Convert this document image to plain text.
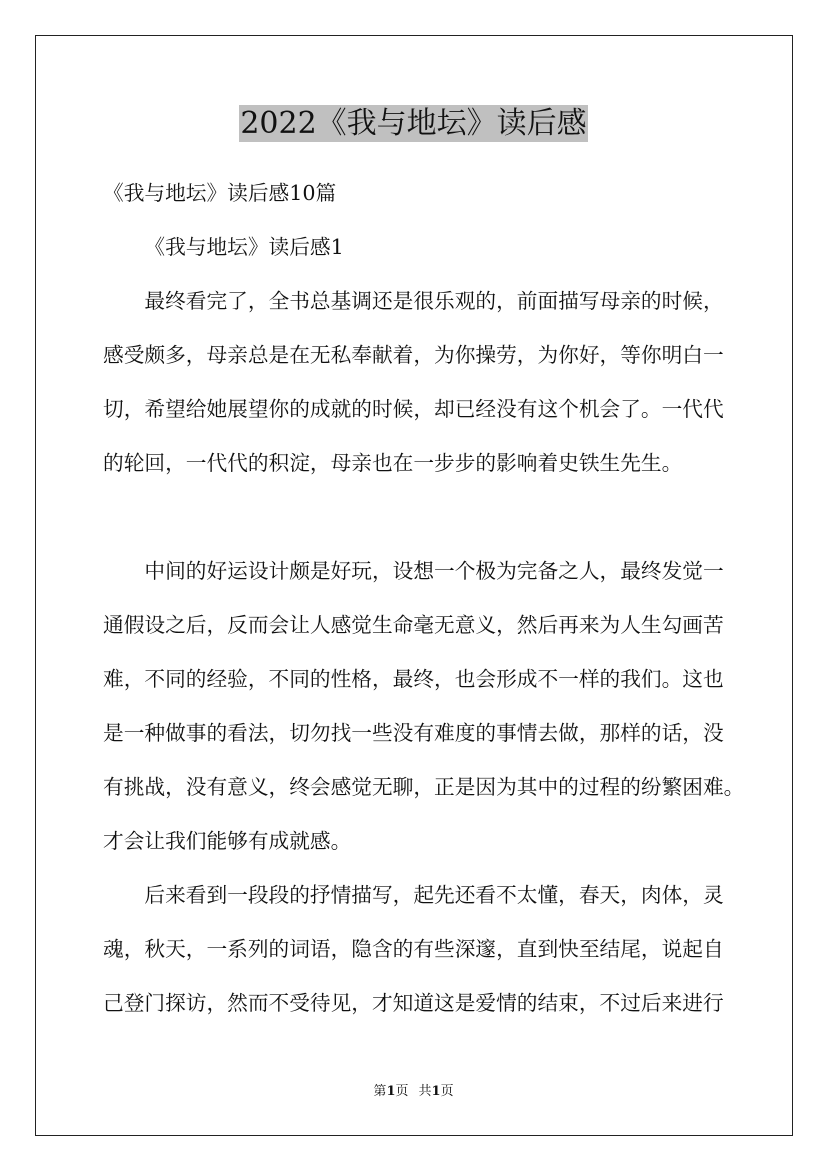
2022《我与地坛》读后感
《我与地坛》读后感10篇
《我与地坛》读后感1
最终看完了，全书总基调还是很乐观的，前面描写母亲的时候，
感受颇多，母亲总是在无私奉献着，为你操劳，为你好，等你明白一
切，希望给她展望你的成就的时候，却已经没有这个机会了。一代代
的轮回，一代代的积淀，母亲也在一步步的影响着史铁生先生。
中间的好运设计颇是好玩，设想一个极为完备之人，最终发觉一
通假设之后，反而会让人感觉生命毫无意义，然后再来为人生勾画苦
难，不同的经验，不同的性格，最终，也会形成不一样的我们。这也
是一种做事的看法，切勿找一些没有难度的事情去做，那样的话，没
有挑战，没有意义，终会感觉无聊，正是因为其中的过程的纷繁困难。
才会让我们能够有成就感。
后来看到一段段的抒情描写，起先还看不太懂，春天，肉体，灵
魂，秋天，一系列的词语，隐含的有些深邃，直到快至结尾，说起自
己登门探访，然而不受待见，才知道这是爱情的结束，不过后来进行
第1页 共1页
